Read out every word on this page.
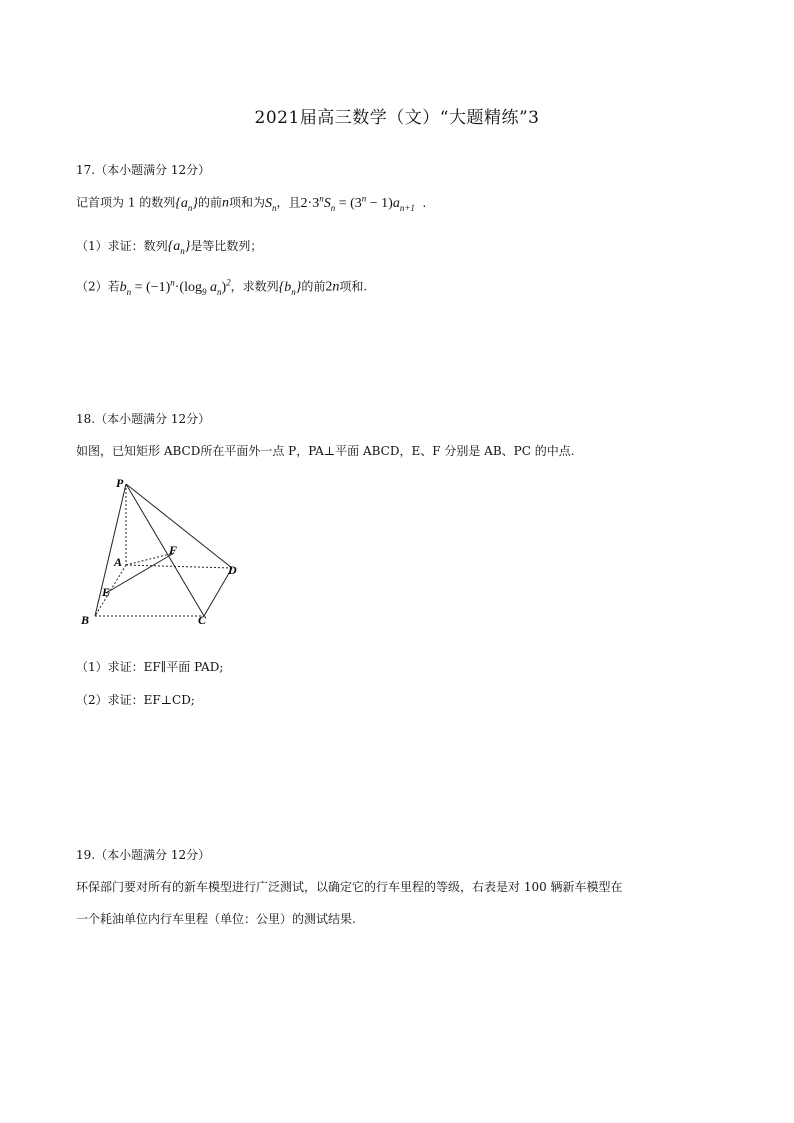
2021届高三数学（文）“大题精练”3
17.（本小题满分 12分）
记首项为 1 的数列$\{a_n\}$的前n项和为$S_n$，且$2\cdot 3^nS_n = (3^n - 1)a_{n+1}$ ．
（1）求证：数列$\{a_n\}$是等比数列；
（2）若$b_n = (-1)^n\cdot(\log_9$ $a_n)^2$，求数列$\{b_n\}$的前2n项和.
18.（本小题满分 12分）
如图，已知矩形 ABCD所在平面外一点 P，PA⊥平面 ABCD，E、F 分别是 AB、PC 的中点.
P
A
F
D
E
B	C
（1）求证：EF∥平面 PAD;
（2）求证：EF⊥CD;
19.（本小题满分 12分）
环保部门要对所有的新车模型进行广泛测试，以确定它的行车里程的等级，右表是对 100 辆新车模型在
一个耗油单位内行车里程（单位：公里）的测试结果.
